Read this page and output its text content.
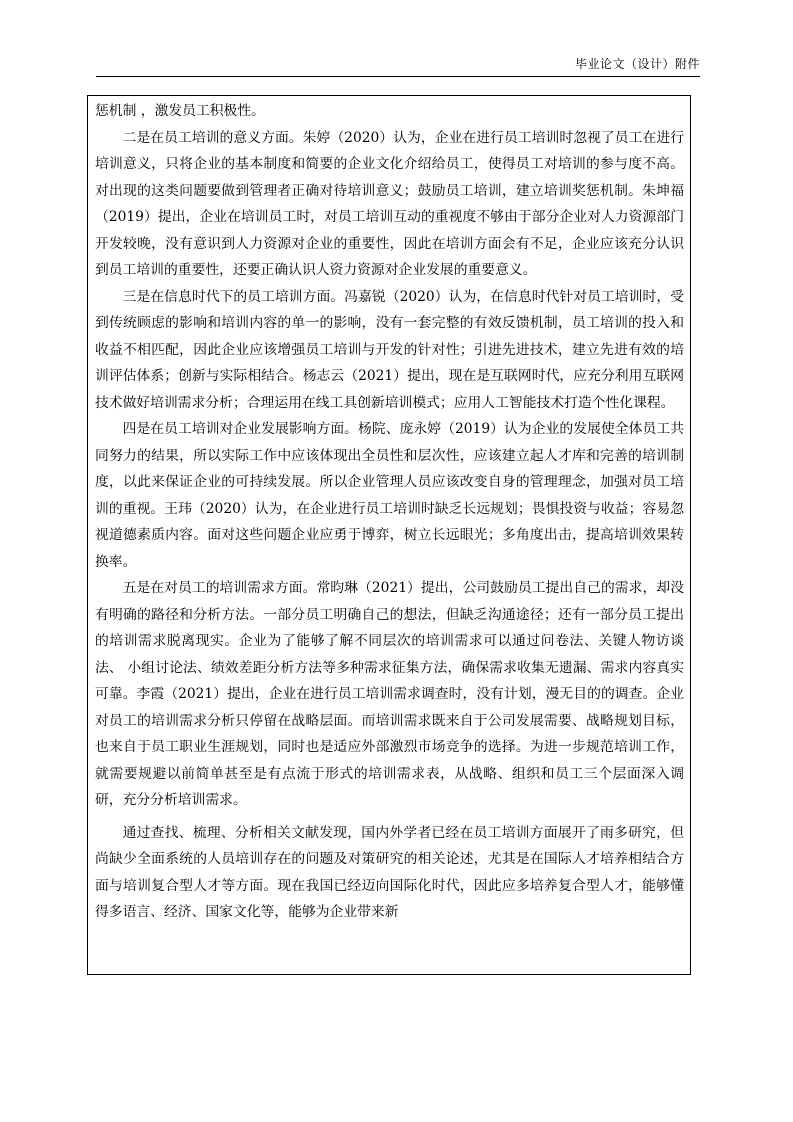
毕业论文（设计）附件

惩机制 ，激发员工积极性。

二是在员工培训的意义方面。朱婷（2020）认为，企业在进行员工培训时忽视了员工在进行培训意义，只将企业的基本制度和简要的企业文化介绍给员工，使得员工对培训的参与度不高。对出现的这类问题要做到管理者正确对待培训意义；鼓励员工培训，建立培训奖惩机制。朱坤福（2019）提出，企业在培训员工时，对员工培训互动的重视度不够由于部分企业对人力资源部门开发较晚，没有意识到人力资源对企业的重要性，因此在培训方面会有不足，企业应该充分认识到员工培训的重要性，还要正确认识人资力资源对企业发展的重要意义。

三是在信息时代下的员工培训方面。冯嘉锐（2020）认为，在信息时代针对员工培训时，受到传统顾虑的影响和培训内容的单一的影响，没有一套完整的有效反馈机制，员工培训的投入和收益不相匹配，因此企业应该增强员工培训与开发的针对性；引进先进技术，建立先进有效的培训评估体系；创新与实际相结合。杨志云（2021）提出，现在是互联网时代，应充分利用互联网技术做好培训需求分析；合理运用在线工具创新培训模式；应用人工智能技术打造个性化课程。

四是在员工培训对企业发展影响方面。杨院、庞永婷（2019）认为企业的发展使全体员工共同努力的结果，所以实际工作中应该体现出全员性和层次性，应该建立起人才库和完善的培训制度，以此来保证企业的可持续发展。所以企业管理人员应该改变自身的管理理念，加强对员工培训的重视。王玮（2020）认为，在企业进行员工培训时缺乏长远规划；畏惧投资与收益；容易忽视道德素质内容。面对这些问题企业应勇于博弈，树立长远眼光；多角度出击，提高培训效果转换率。

五是在对员工的培训需求方面。常昀琳（2021）提出，公司鼓励员工提出自己的需求，却没有明确的路径和分析方法。一部分员工明确自己的想法，但缺乏沟通途径；还有一部分员工提出的培训需求脱离现实。企业为了能够了解不同层次的培训需求可以通过问卷法、关键人物访谈法、 小组讨论法、绩效差距分析方法等多种需求征集方法，确保需求收集无遗漏、需求内容真实可靠。李霞（2021）提出，企业在进行员工培训需求调查时，没有计划，漫无目的的调查。企业对员工的培训需求分析只停留在战略层面。而培训需求既来自于公司发展需要、战略规划目标，也来自于员工职业生涯规划，同时也是适应外部激烈市场竞争的选择。为进一步规范培训工作，就需要规避以前简单甚至是有点流于形式的培训需求表，从战略、组织和员工三个层面深入调研，充分分析培训需求。

通过查找、梳理、分析相关文献发现，国内外学者已经在员工培训方面展开了雨多研究，但尚缺少全面系统的人员培训存在的问题及对策研究的相关论述，尤其是在国际人才培养相结合方面与培训复合型人才等方面。现在我国已经迈向国际化时代，因此应多培养复合型人才，能够懂得多语言、经济、国家文化等，能够为企业带来新
